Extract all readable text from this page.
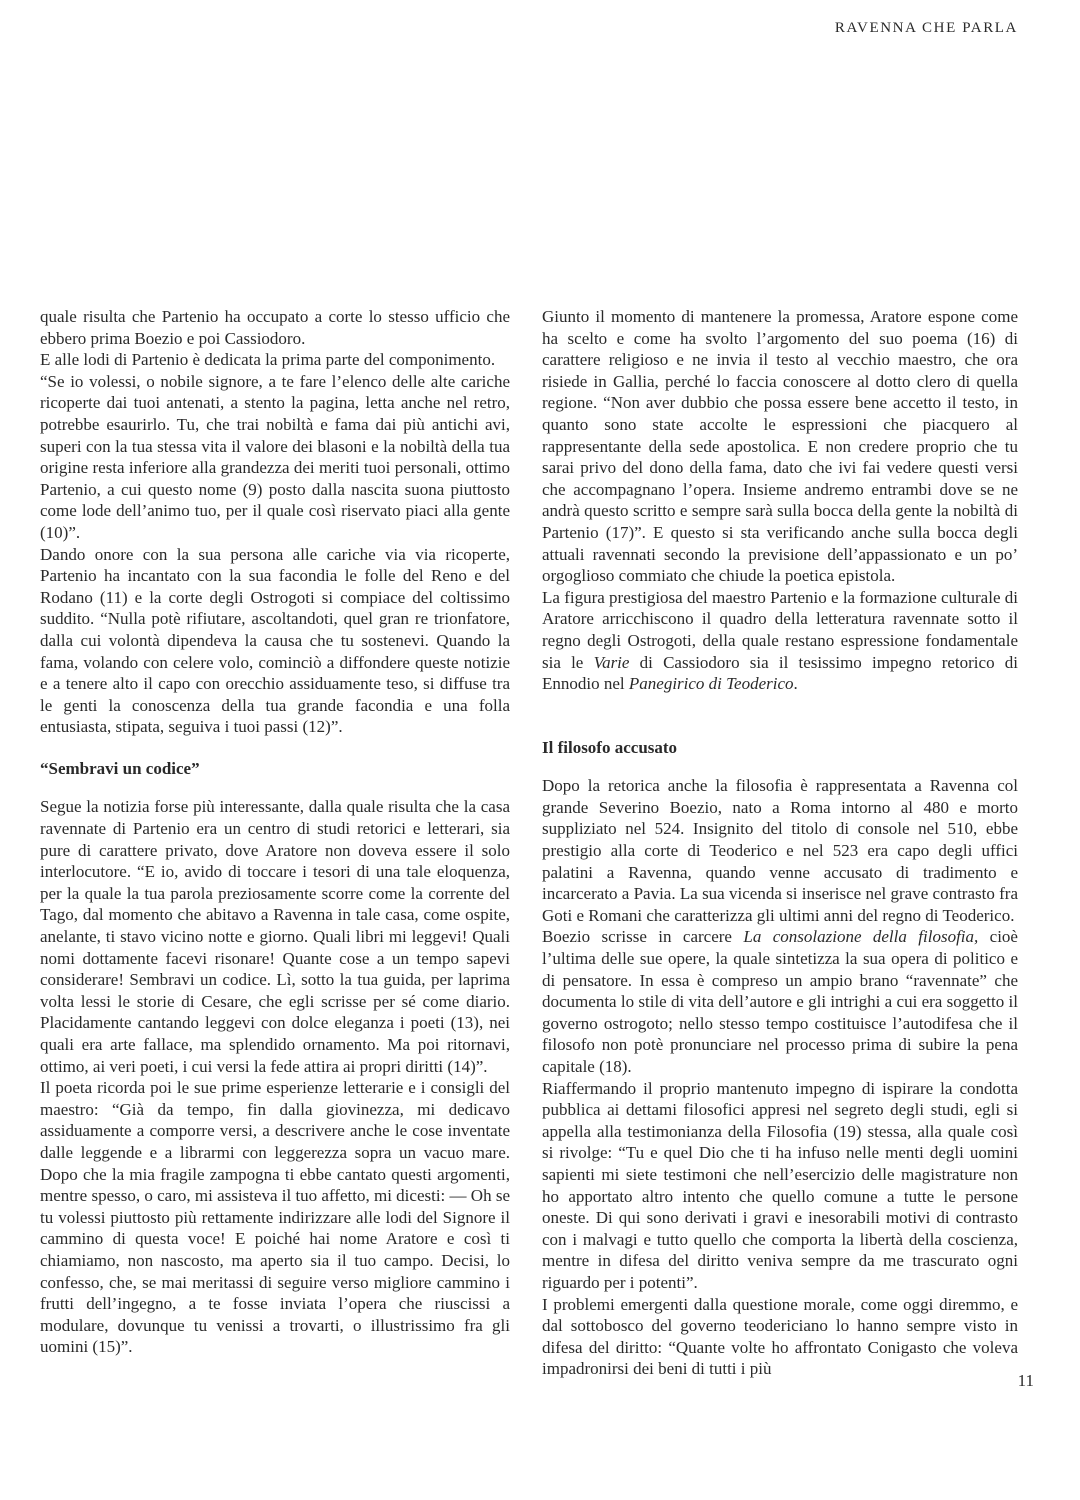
RAVENNA CHE PARLA

quale risulta che Partenio ha occupato a corte lo stesso ufficio che ebbero prima Boezio e poi Cassiodoro.

E alle lodi di Partenio è dedicata la prima parte del componimento.

“Se io volessi, o nobile signore, a te fare l’elenco delle alte cariche ricoperte dai tuoi antenati, a stento la pagina, letta anche nel retro, potrebbe esaurirlo. Tu, che trai nobiltà e fama dai più antichi avi, superi con la tua stessa vita il valore dei blasoni e la nobiltà della tua origine resta inferiore alla grandezza dei meriti tuoi personali, ottimo Partenio, a cui questo nome (9) posto dalla nascita suona piuttosto come lode dell’animo tuo, per il quale così riservato piaci alla gente (10)”.

Dando onore con la sua persona alle cariche via via ricoperte, Partenio ha incantato con la sua facondia le folle del Reno e del Rodano (11) e la corte degli Ostrogoti si compiace del coltissimo suddito. “Nulla potè rifiutare, ascoltandoti, quel gran re trionfatore, dalla cui volontà dipendeva la causa che tu sostenevi. Quando la fama, volando con celere volo, cominciò a diffondere queste notizie e a tenere alto il capo con orecchio assiduamente teso, si diffuse tra le genti la conoscenza della tua grande facondia e una folla entusiasta, stipata, seguiva i tuoi passi (12)”.

“Sembravi un codice”

Segue la notizia forse più interessante, dalla quale risulta che la casa ravennate di Partenio era un centro di studi retorici e letterari, sia pure di carattere privato, dove Aratore non doveva essere il solo interlocutore. “E io, avido di toccare i tesori di una tale eloquenza, per la quale la tua parola preziosamente scorre come la corrente del Tago, dal momento che abitavo a Ravenna in tale casa, come ospite, anelante, ti stavo vicino notte e giorno. Quali libri mi leggevi! Quali nomi dottamente facevi risonare! Quante cose a un tempo sapevi considerare! Sembravi un codice. Lì, sotto la tua guida, per laprima volta lessi le storie di Cesare, che egli scrisse per sé come diario. Placidamente cantando leggevi con dolce eleganza i poeti (13), nei quali era arte fallace, ma splendido ornamento. Ma poi ritornavi, ottimo, ai veri poeti, i cui versi la fede attira ai propri diritti (14)”.

Il poeta ricorda poi le sue prime esperienze letterarie e i consigli del maestro: “Già da tempo, fin dalla giovinezza, mi dedicavo assiduamente a comporre versi, a descrivere anche le cose inventate dalle leggende e a librarmi con leggerezza sopra un vacuo mare. Dopo che la mia fragile zampogna ti ebbe cantato questi argomenti, mentre spesso, o caro, mi assisteva il tuo affetto, mi dicesti: — Oh se tu volessi piuttosto più rettamente indirizzare alle lodi del Signore il cammino di questa voce! E poiché hai nome Aratore e così ti chiamiamo, non nascosto, ma aperto sia il tuo campo. Decisi, lo confesso, che, se mai meritassi di seguire verso migliore cammino i frutti dell’ingegno, a te fosse inviata l’opera che riuscissi a modulare, dovunque tu venissi a trovarti, o illustrissimo fra gli uomini (15)”.

Giunto il momento di mantenere la promessa, Aratore espone come ha scelto e come ha svolto l’argomento del suo poema (16) di carattere religioso e ne invia il testo al vecchio maestro, che ora risiede in Gallia, perché lo faccia conoscere al dotto clero di quella regione. “Non aver dubbio che possa essere bene accetto il testo, in quanto sono state accolte le espressioni che piacquero al rappresentante della sede apostolica. E non credere proprio che tu sarai privo del dono della fama, dato che ivi fai vedere questi versi che accompagnano l’opera. Insieme andremo entrambi dove se ne andrà questo scritto e sempre sarà sulla bocca della gente la nobiltà di Partenio (17)”. E questo si sta verificando anche sulla bocca degli attuali ravennati secondo la previsione dell’appassionato e un po’ orgoglioso commiato che chiude la poetica epistola.

La figura prestigiosa del maestro Partenio e la formazione culturale di Aratore arricchiscono il quadro della letteratura ravennate sotto il regno degli Ostrogoti, della quale restano espressione fondamentale sia le Varie di Cassiodoro sia il tesissimo impegno retorico di Ennodio nel Panegirico di Teoderico.

Il filosofo accusato

Dopo la retorica anche la filosofia è rappresentata a Ravenna col grande Severino Boezio, nato a Roma intorno al 480 e morto suppliziato nel 524. Insignito del titolo di console nel 510, ebbe prestigio alla corte di Teoderico e nel 523 era capo degli uffici palatini a Ravenna, quando venne accusato di tradimento e incarcerato a Pavia. La sua vicenda si inserisce nel grave contrasto fra Goti e Romani che caratterizza gli ultimi anni del regno di Teoderico.

Boezio scrisse in carcere La consolazione della filosofia, cioè l’ultima delle sue opere, la quale sintetizza la sua opera di politico e di pensatore. In essa è compreso un ampio brano “ravennate” che documenta lo stile di vita dell’autore e gli intrighi a cui era soggetto il governo ostrogoto; nello stesso tempo costituisce l’autodifesa che il filosofo non potè pronunciare nel processo prima di subire la pena capitale (18).

Riaffermando il proprio mantenuto impegno di ispirare la condotta pubblica ai dettami filosofici appresi nel segreto degli studi, egli si appella alla testimonianza della Filosofia (19) stessa, alla quale così si rivolge: “Tu e quel Dio che ti ha infuso nelle menti degli uomini sapienti mi siete testimoni che nell’esercizio delle magistrature non ho apportato altro intento che quello comune a tutte le persone oneste. Di qui sono derivati i gravi e inesorabili motivi di contrasto con i malvagi e tutto quello che comporta la libertà della coscienza, mentre in difesa del diritto veniva sempre da me trascurato ogni riguardo per i potenti”.

I problemi emergenti dalla questione morale, come oggi diremmo, e dal sottobosco del governo teodericiano lo hanno sempre visto in difesa del diritto: “Quante volte ho affrontato Conigasto che voleva impadronirsi dei beni di tutti i più

11
